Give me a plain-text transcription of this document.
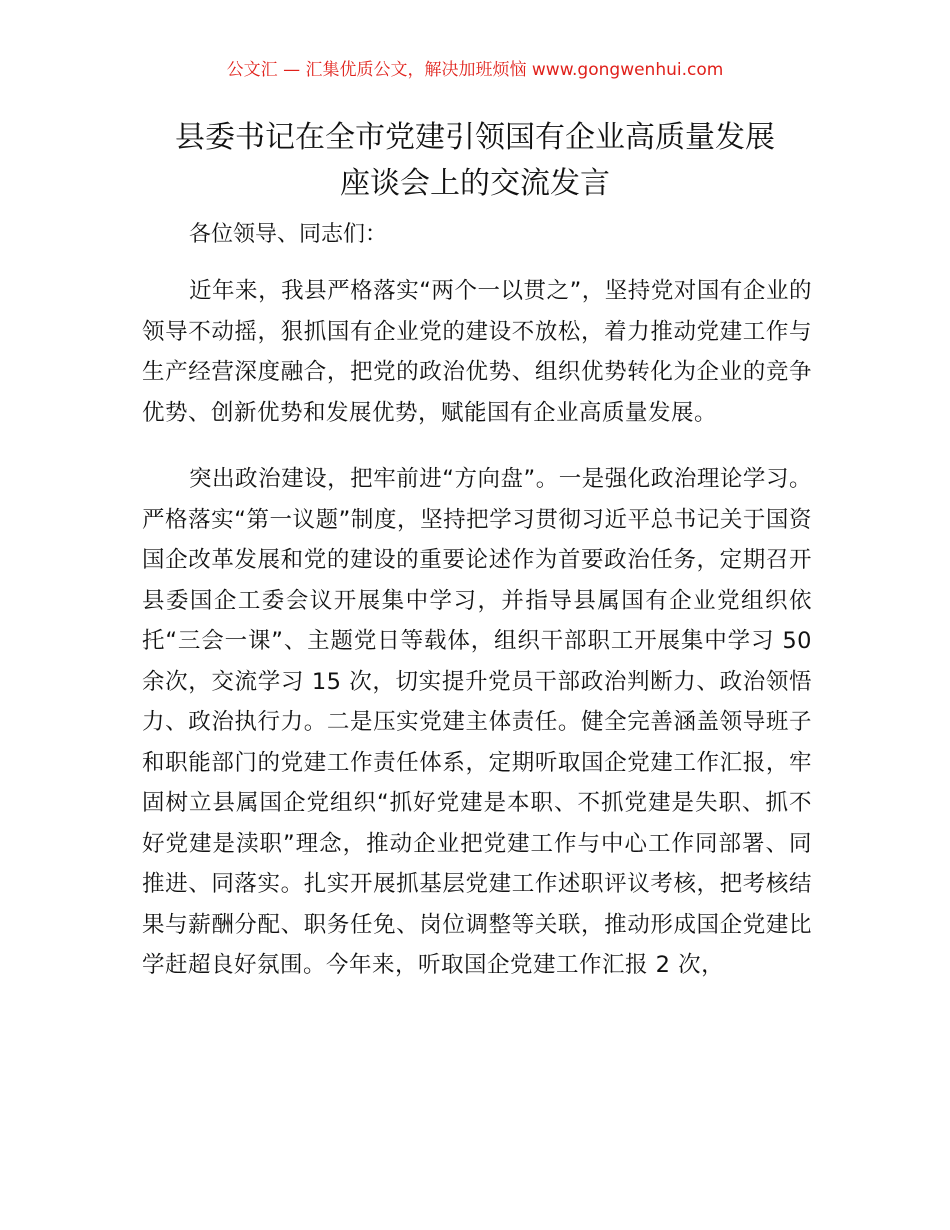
公文汇 — 汇集优质公文，解决加班烦恼 www.gongwenhui.com
县委书记在全市党建引领国有企业高质量发展
座谈会上的交流发言

各位领导、同志们：

近年来，我县严格落实“两个一以贯之”，坚持党对国有企业的领导不动摇，狠抓国有企业党的建设不放松，着力推动党建工作与生产经营深度融合，把党的政治优势、组织优势转化为企业的竞争优势、创新优势和发展优势，赋能国有企业高质量发展。

突出政治建设，把牢前进“方向盘”。一是强化政治理论学习。严格落实“第一议题”制度，坚持把学习贯彻习近平总书记关于国资国企改革发展和党的建设的重要论述作为首要政治任务，定期召开县委国企工委会议开展集中学习，并指导县属国有企业党组织依托“三会一课”、主题党日等载体，组织干部职工开展集中学习 50 余次，交流学习 15 次，切实提升党员干部政治判断力、政治领悟力、政治执行力。二是压实党建主体责任。健全完善涵盖领导班子和职能部门的党建工作责任体系，定期听取国企党建工作汇报，牢固树立县属国企党组织“抓好党建是本职、不抓党建是失职、抓不好党建是渎职”理念，推动企业把党建工作与中心工作同部署、同推进、同落实。扎实开展抓基层党建工作述职评议考核，把考核结果与薪酬分配、职务任免、岗位调整等关联，推动形成国企党建比学赶超良好氛围。今年来，听取国企党建工作汇报 2 次，
